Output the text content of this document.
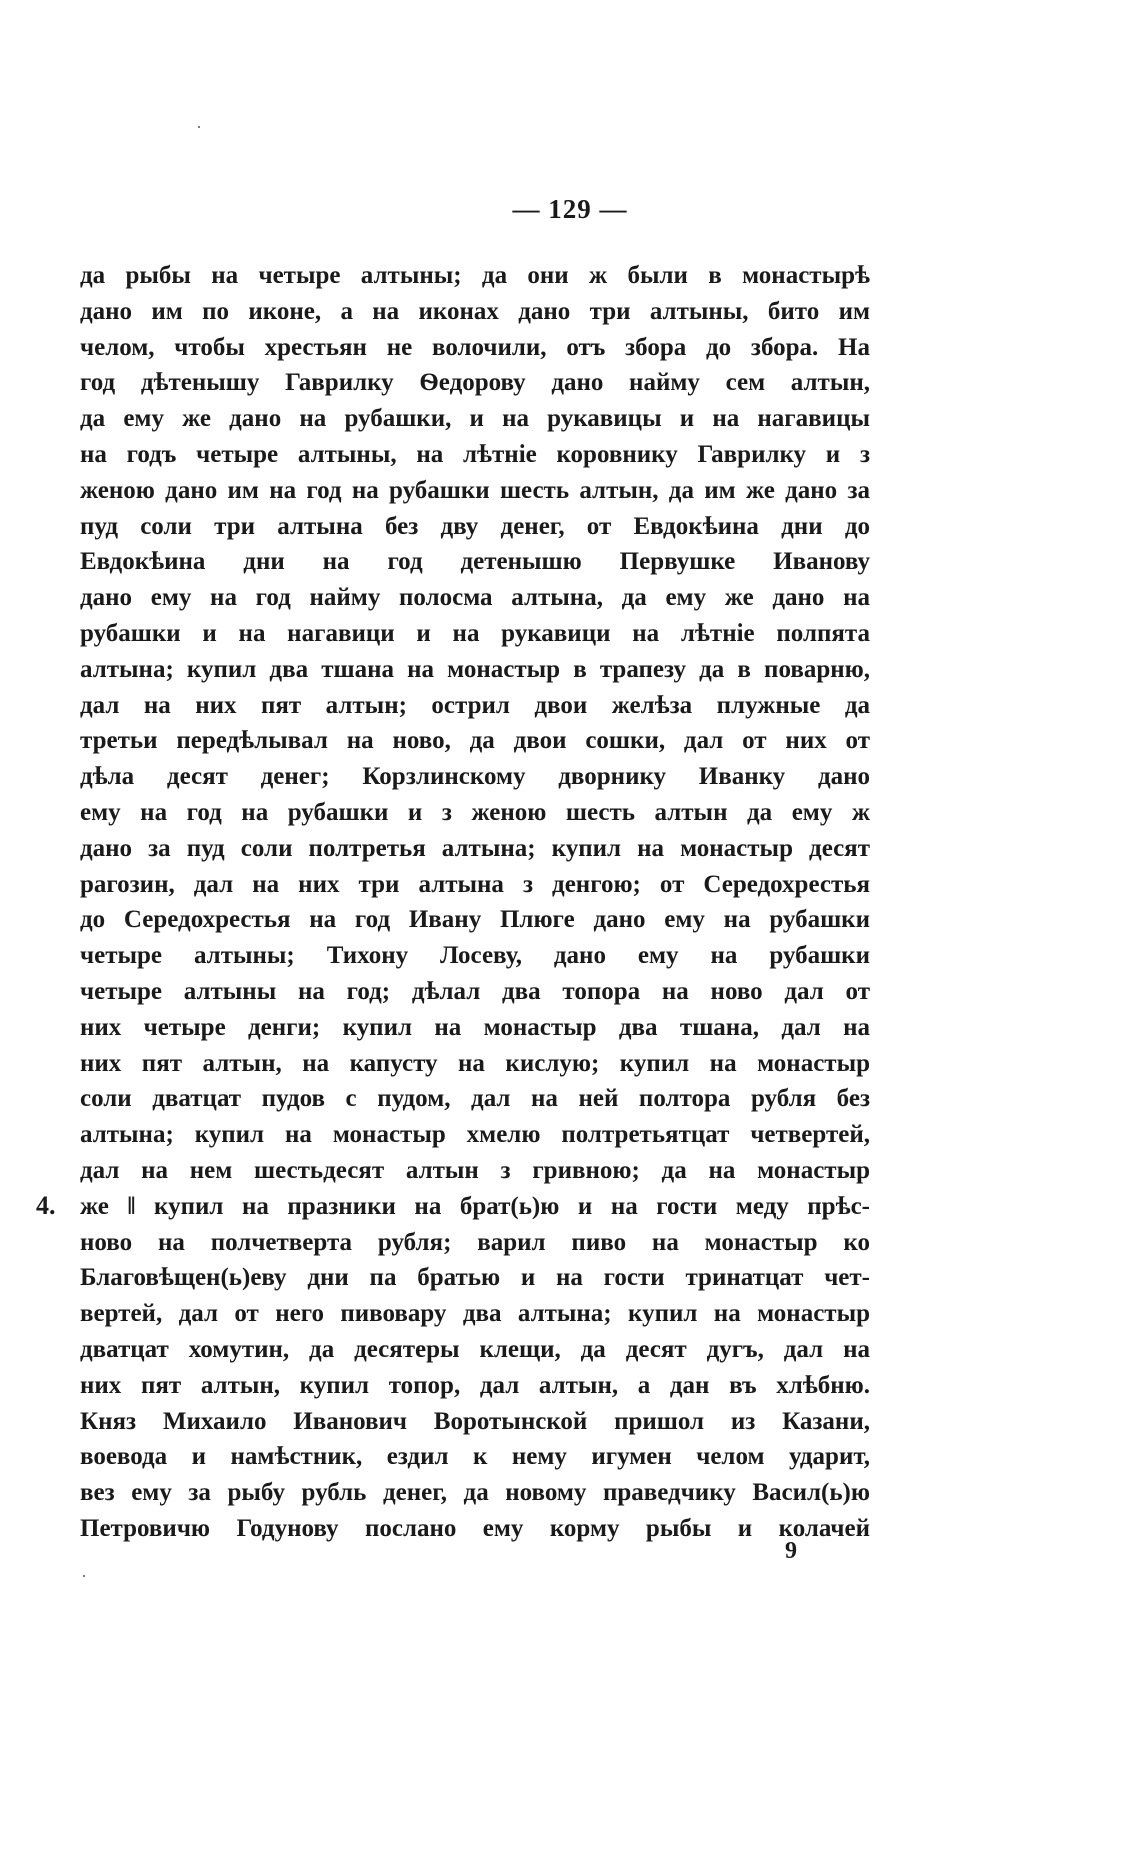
— 129 —
4.
да рыбы на четыре алтыны; да они ж были в монастырѣ
дано им по иконе, а на иконах дано три алтыны, бито им
челом, чтобы хрестьян не волочили, отъ збора до збора. На
год дѣтенышу Гаврилку Ѳедорову дано найму сем алтын,
да ему же дано на рубашки, и на рукавицы и на нагавицы
на годъ четыре алтыны, на лѣтніе коровнику Гаврилку и з
женою дано им на год на рубашки шесть алтын, да им же дано за
пуд соли три алтына без дву денег, от Евдокѣина дни до
Евдокѣина дни на год детенышю Первушке Иванову
дано ему на год найму полосма алтына, да ему же дано на
рубашки и на нагавици и на рукавици на лѣтніе полпята
алтына; купил два тшана на монастыр в трапезу да в поварню,
дал на них пят алтын; острил двои желѣза плужные да
третьи передѣлывал на ново, да двои сошки, дал от них от
дѣла десят денег; Корзлинскому дворнику Иванку дано
ему на год на рубашки и з женою шесть алтын да ему ж
дано за пуд соли полтретья алтына; купил на монастыр десят
рагозин, дал на них три алтына з денгою; от Середохрестья
до Середохрестья на год Ивану Плюге дано ему на рубашки
четыре алтыны; Тихону Лосеву, дано ему на рубашки
четыре алтыны на год; дѣлал два топора на ново дал от
них четыре денги; купил на монастыр два тшана, дал на
них пят алтын, на капусту на кислую; купил на монастыр
соли дватцат пудов с пудом, дал на ней полтора рубля без
алтына; купил на монастыр хмелю полтретьятцат четвертей,
дал на нем шестьдесят алтын з гривною; да на монастыр
же ‖ купил на празники на брат(ь)ю и на гости меду прѣс-
ново на полчетверта рубля; варил пиво на монастыр ко
Благовѣщен(ь)еву дни па братью и на гости тринатцат чет-
вертей, дал от него пивовару два алтына; купил на монастыр
дватцат хомутин, да десятеры клещи, да десят дугъ, дал на
них пят алтын, купил топор, дал алтын, а дан въ хлѣбню.
Княз Михаило Иванович Воротынской пришол из Казани,
воевода и намѣстник, ездил к нему игумен челом ударит,
вез ему за рыбу рубль денег, да новому праведчику Васил(ь)ю
Петровичю Годунову послано ему корму рыбы и колачей
9
